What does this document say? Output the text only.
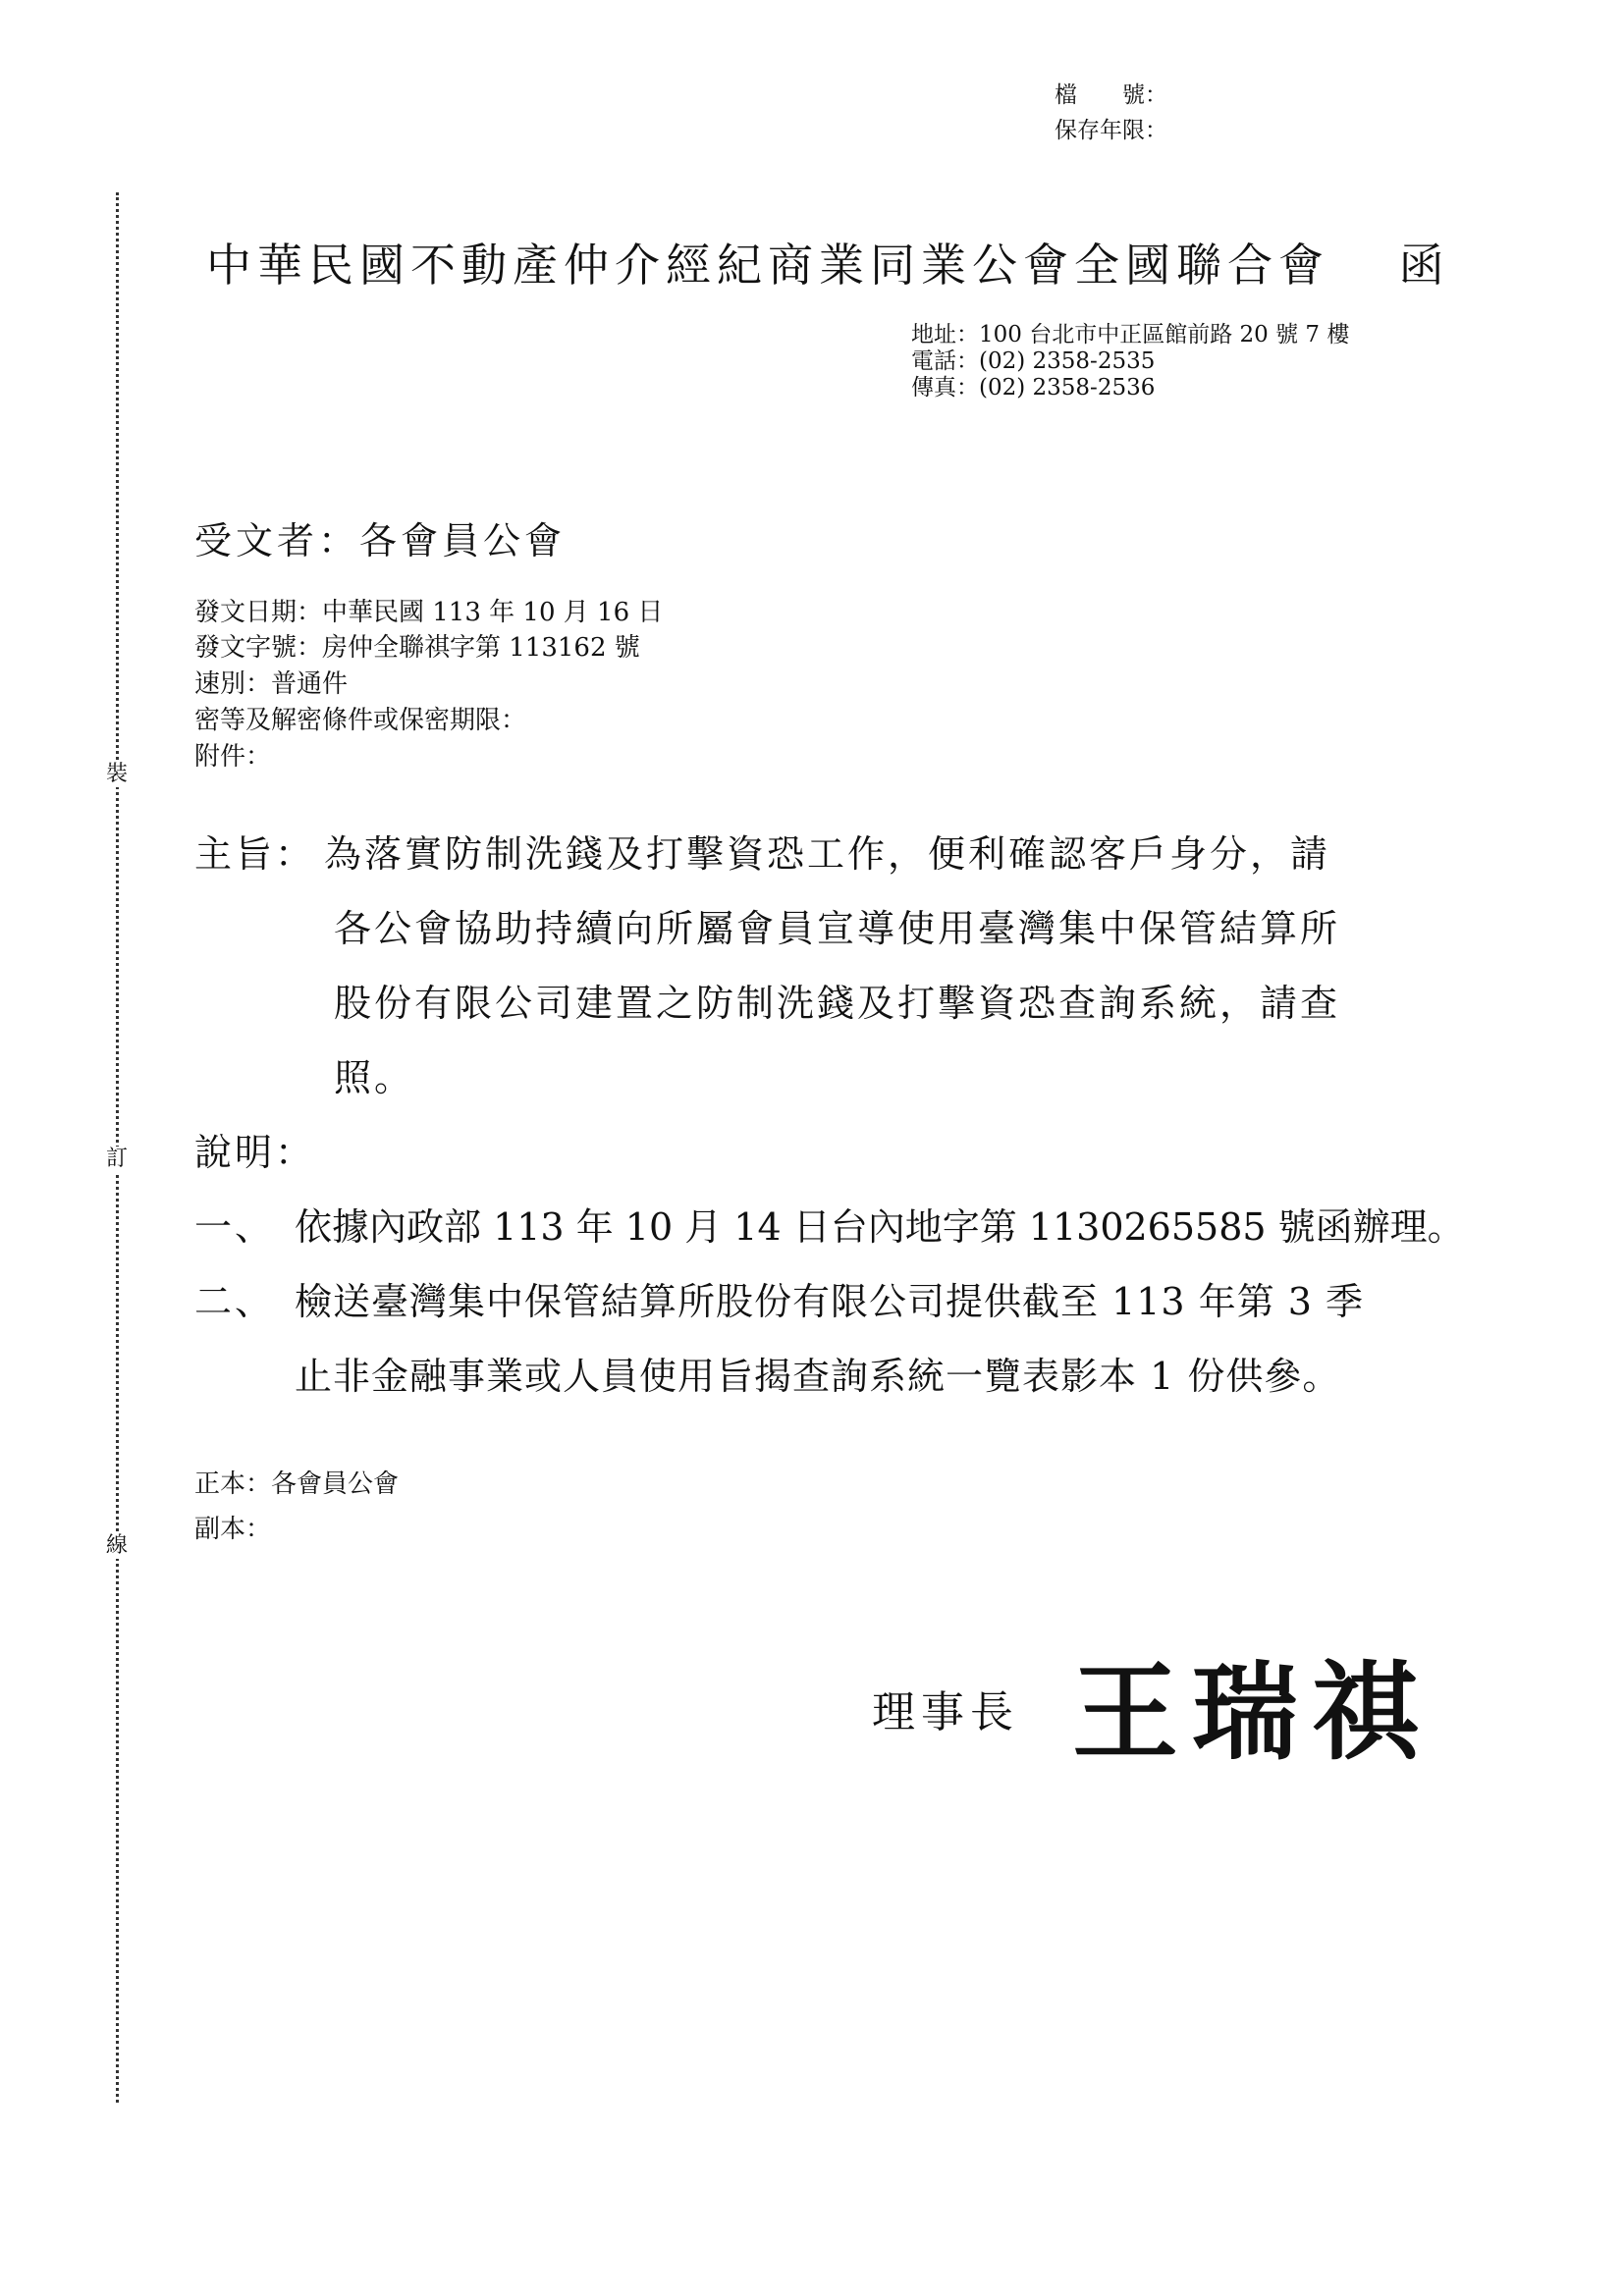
裝
訂
線
檔　　號：
保存年限：
中華民國不動產仲介經紀商業同業公會全國聯合會 函
地址：100 台北市中正區館前路 20 號 7 樓
電話：(02) 2358-2535
傳真：(02) 2358-2536
受文者：各會員公會
發文日期：中華民國 113 年 10 月 16 日
發文字號：房仲全聯祺字第 113162 號
速別：普通件
密等及解密條件或保密期限：
附件：
主旨： 為落實防制洗錢及打擊資恐工作，便利確認客戶身分，請
各公會協助持續向所屬會員宣導使用臺灣集中保管結算所
股份有限公司建置之防制洗錢及打擊資恐查詢系統，請查
照。
說明：
一、 依據內政部 113 年 10 月 14 日台內地字第 1130265585 號函辦理。
二、 檢送臺灣集中保管結算所股份有限公司提供截至 113 年第 3 季
止非金融事業或人員使用旨揭查詢系統一覽表影本 1 份供參。
正本：各會員公會
副本：
理事長 王瑞祺
